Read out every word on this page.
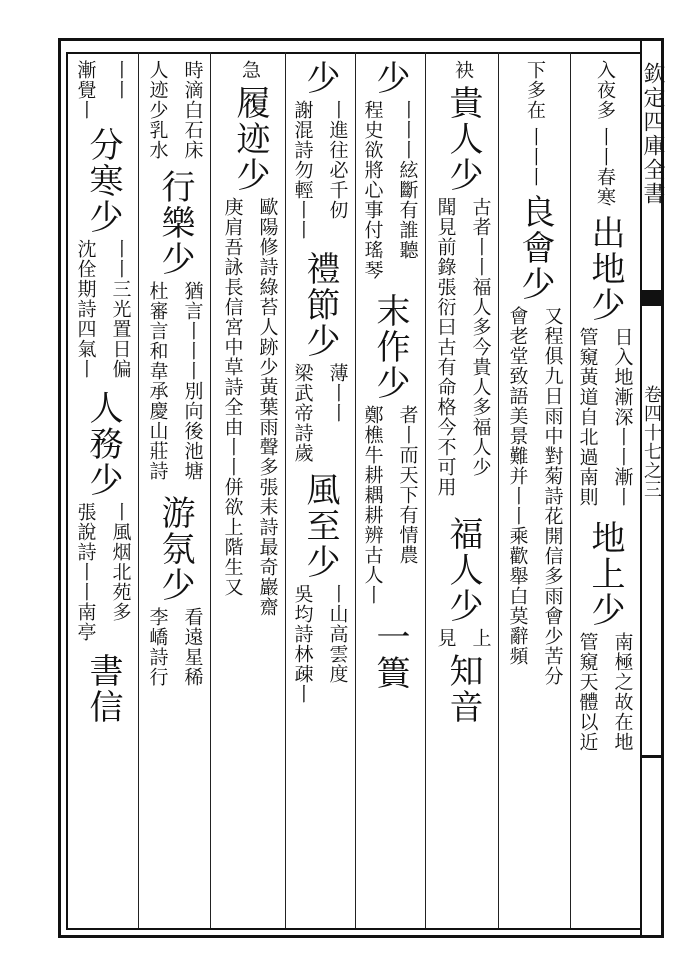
欽定四庫全書
卷四十七之三
入夜多
丨丨春寒
出地少
日入地漸深丨丨漸丨
管窺黃道自北過南則
地上少
南極之故在地
管窺天體以近
下多在
丨丨丨
良會少
又程俱九日雨中對菊詩花開信多雨會少苦分
會老堂致語美景難并丨丨乘歡舉白莫辭頻
袂
貴人少
古者丨丨福人多今貴人多福人少
聞見前錄張衍曰古有命格今不可用
福人少
上
見
知音
少
丨丨丨絃斷有誰聽
程史欲將心事付瑤琴
末作少
者丨而天下有情農
鄭樵牛耕耦耕辨古人丨
一簣
少
丨進往必千仞
謝混詩勿輕丨丨
禮節少
薄丨丨
梁武帝詩歲
風至少
丨山高雲度
吳均詩林疎丨
急
履迹少
歐陽修詩綠苔人跡少黃葉雨聲多張耒詩最奇巖齋
庚肩吾詠長信宮中草詩全由丨丨併欲上階生又
時滴白石床
人迹少乳水
行樂少
猶言丨丨丨別向後池塘
杜審言和韋承慶山莊詩
游氛少
看遠星稀
李嶠詩行
丨丨
漸覺丨
分寒少
丨丨三光置日偏
沈佺期詩四氣丨
人務少
丨風烟北苑多
張說詩丨丨南亭
書信
